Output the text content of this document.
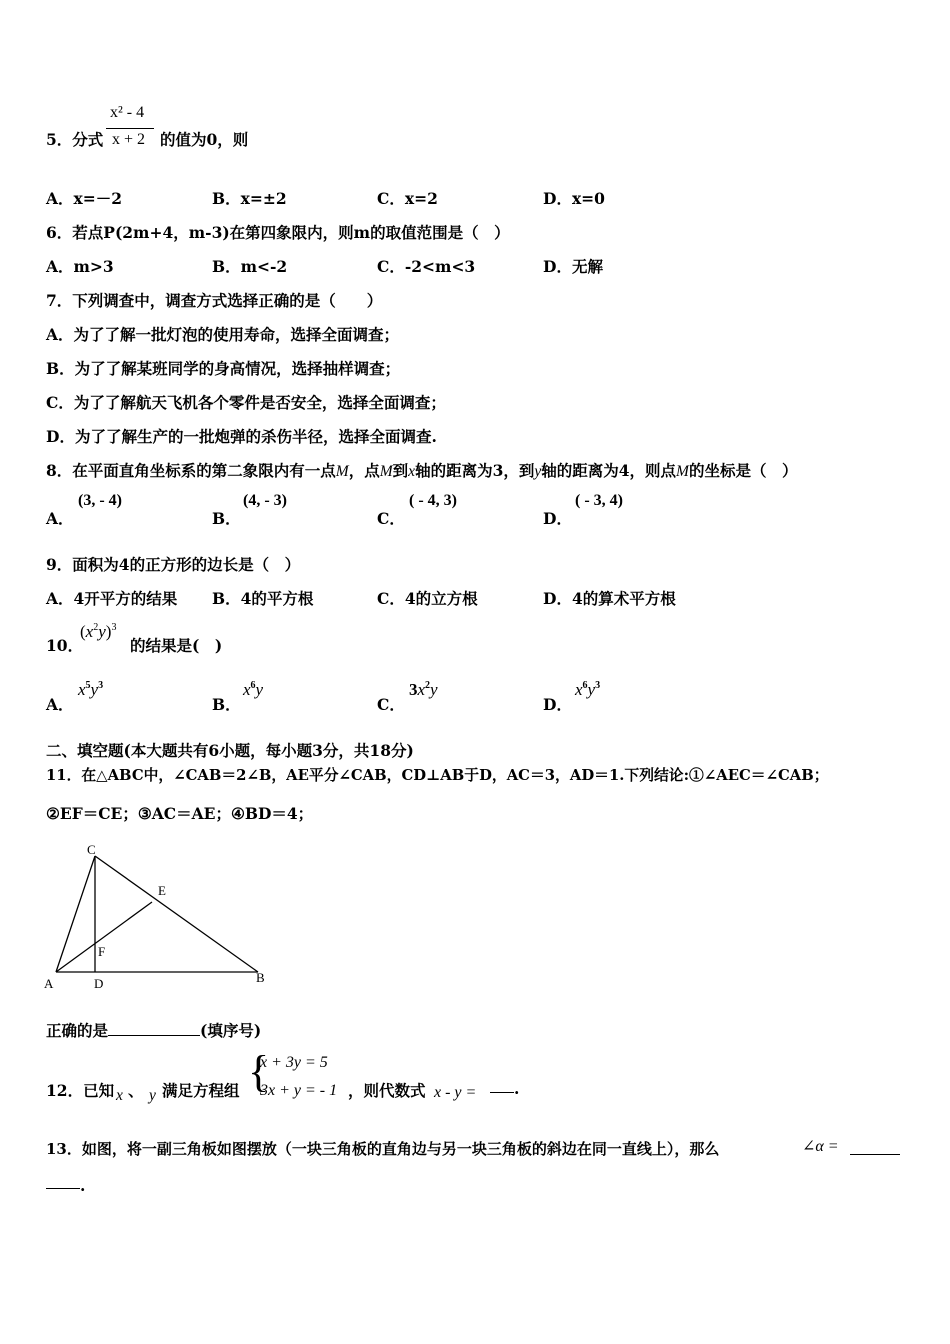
5．分式
x² - 4
x + 2 的值为0，则
A．x=－2	B．x=±2	C．x=2	D．x=0
6．若点P(2m+4，m-3)在第四象限内，则m的取值范围是（　）
A．m>3	B．m<-2	C．-2<m<3	D．无解
7．下列调查中，调查方式选择正确的是（　　）
A．为了了解一批灯泡的使用寿命，选择全面调查；
B．为了了解某班同学的身高情况，选择抽样调查；
C．为了了解航天飞机各个零件是否安全，选择全面调查；
D．为了了解生产的一批炮弹的杀伤半径，选择全面调查.
8．在平面直角坐标系的第二象限内有一点M，点M到x轴的距离为3，到y轴的距离为4，则点M的坐标是（　）
A．
(3, - 4)
B．
(4, - 3)
C．
( - 4, 3)
D．
( - 3, 4)
9．面积为4的正方形的边长是（　）
A．4开平方的结果 B．4的平方根	C．4的立方根	D．4的算术平方根
10．
$(x^2y)^3$
的结果是(　)
A．
$x^5y^3$
B．
$x^6y$
C．
$3x^2y$
D．
$x^6y^3$
二、填空题(本大题共有6小题，每小题3分，共18分)
11．在△ABC中，∠CAB＝2∠B，AE平分∠CAB，CD⊥AB于D，AC＝3，AD＝1.下列结论:①∠AEC＝∠CAB；
②EF＝CE；③AC＝AE；④BD＝4；
C
E
F
A	D	B
正确的是	(填序号)
12．已知 x 、 y 满足方程组 {
x + 3y = 5
3x + y = - 1 ，则代数式 x - y = .
13．如图，将一副三角板如图摆放（一块三角板的直角边与另一块三角板的斜边在同一直线上），那么	∠α =
.
